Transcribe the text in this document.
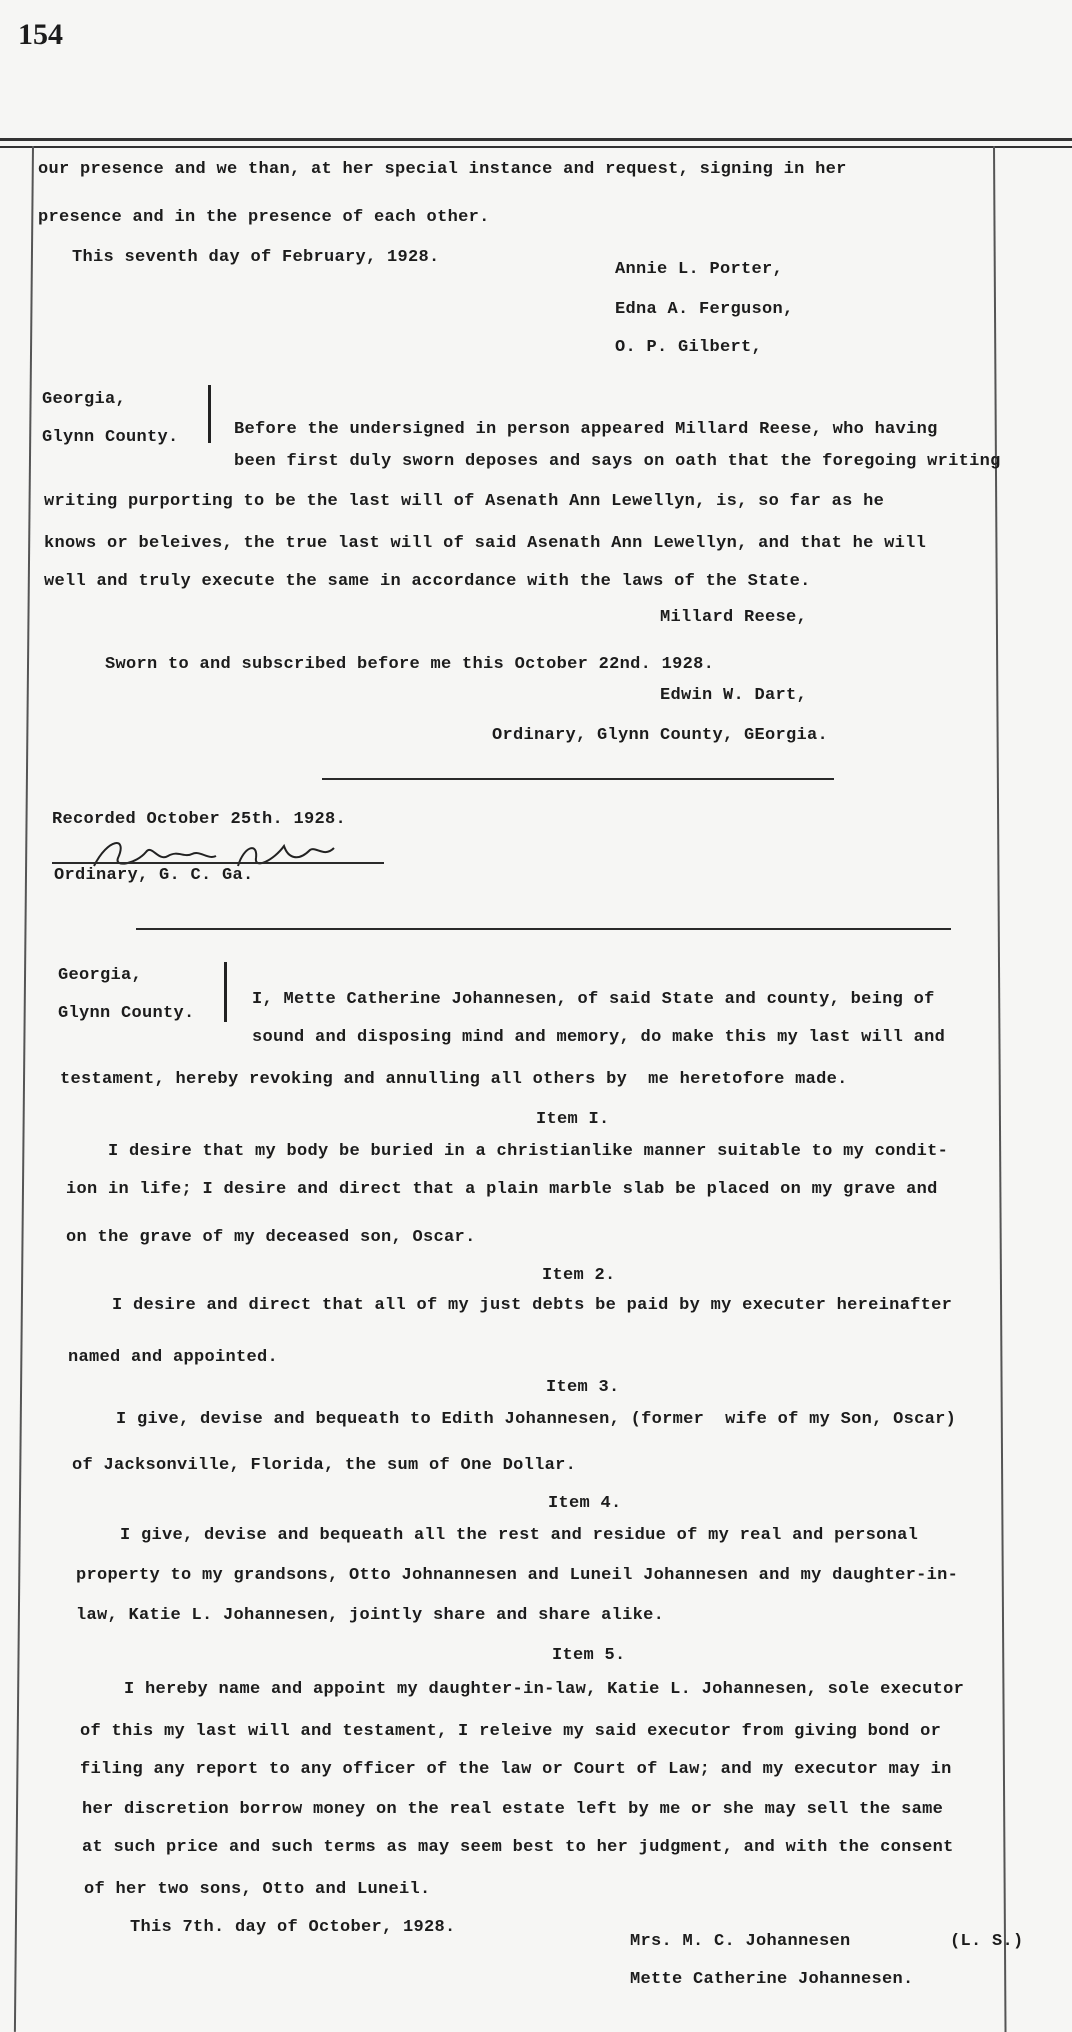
154
our presence and we than, at her special instance and request, signing in her
presence and in the presence of each other.
This seventh day of February, 1928.
Annie L. Porter,
Edna A. Ferguson,
O. P. Gilbert,
Georgia,
Glynn County.	Before the undersigned in person appeared Millard Reese, who having
been first duly sworn deposes and says on oath that the foregoing writing
writing purporting to be the last will of Asenath Ann Lewellyn, is, so far as he
knows or beleives, the true last will of said Asenath Ann Lewellyn, and that he will
well and truly execute the same in accordance with the laws of the State.
Millard Reese,
Sworn to and subscribed before me this October 22nd. 1928.
Edwin W. Dart,
Ordinary, Glynn County, GEorgia.
Recorded October 25th. 1928.
Ordinary, G. C. Ga.
Georgia,
Glynn County.
I, Mette Catherine Johannesen, of said State and county, being of
sound and disposing mind and memory, do make this my last will and
testament, hereby revoking and annulling all others by  me heretofore made.
Item I.
I desire that my body be buried in a christianlike manner suitable to my condit-
ion in life; I desire and direct that a plain marble slab be placed on my grave and
on the grave of my deceased son, Oscar.
Item 2.
I desire and direct that all of my just debts be paid by my executer hereinafter
named and appointed.
Item 3.
I give, devise and bequeath to Edith Johannesen, (former  wife of my Son, Oscar)
of Jacksonville, Florida, the sum of One Dollar.
Item 4.
I give, devise and bequeath all the rest and residue of my real and personal
property to my grandsons, Otto Johnannesen and Luneil Johannesen and my daughter-in-
law, Katie L. Johannesen, jointly share and share alike.
Item 5.
I hereby name and appoint my daughter-in-law, Katie L. Johannesen, sole executor
of this my last will and testament, I releive my said executor from giving bond or
filing any report to any officer of the law or Court of Law; and my executor may in
her discretion borrow money on the real estate left by me or she may sell the same
at such price and such terms as may seem best to her judgment, and with the consent
of her two sons, Otto and Luneil.
This 7th. day of October, 1928.
Mrs. M. C. Johannesen	(L. S.)
Mette Catherine Johannesen.
